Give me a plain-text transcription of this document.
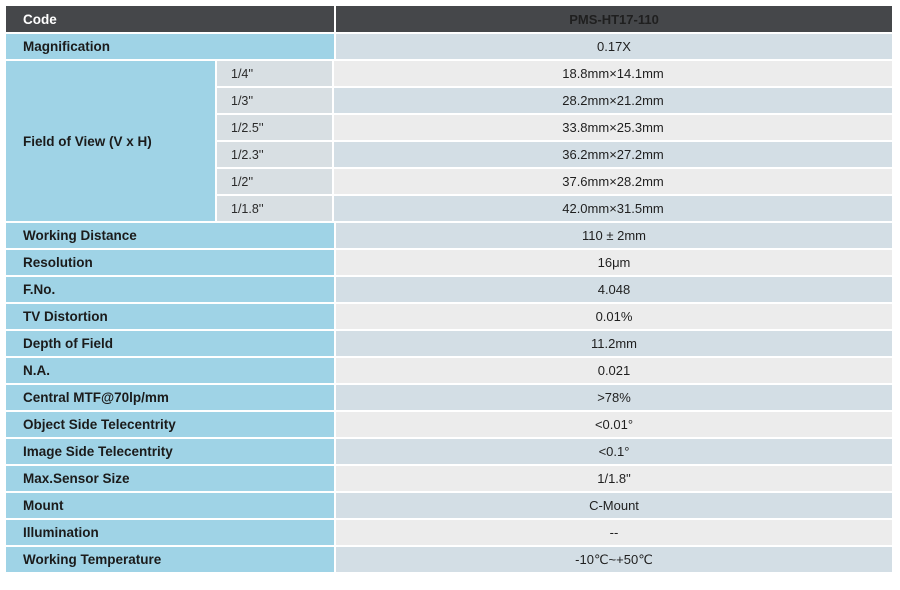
Code	PMS-HT17-110
Magnification	0.17X
Field of View (V x H)
1/4''	18.8mm×14.1mm
1/3''	28.2mm×21.2mm
1/2.5''	33.8mm×25.3mm
1/2.3''	36.2mm×27.2mm
1/2''	37.6mm×28.2mm
1/1.8''	42.0mm×31.5mm
Working Distance	110 ± 2mm
Resolution	16μm
F.No.	4.048
TV Distortion	0.01%
Depth of Field	11.2mm
N.A.	0.021
Central MTF@70lp/mm	>78%
Object Side Telecentrity	<0.01°
Image Side Telecentrity	<0.1°
Max.Sensor Size	1/1.8"
Mount	C-Mount
Illumination	--
Working Temperature	-10℃~+50℃
